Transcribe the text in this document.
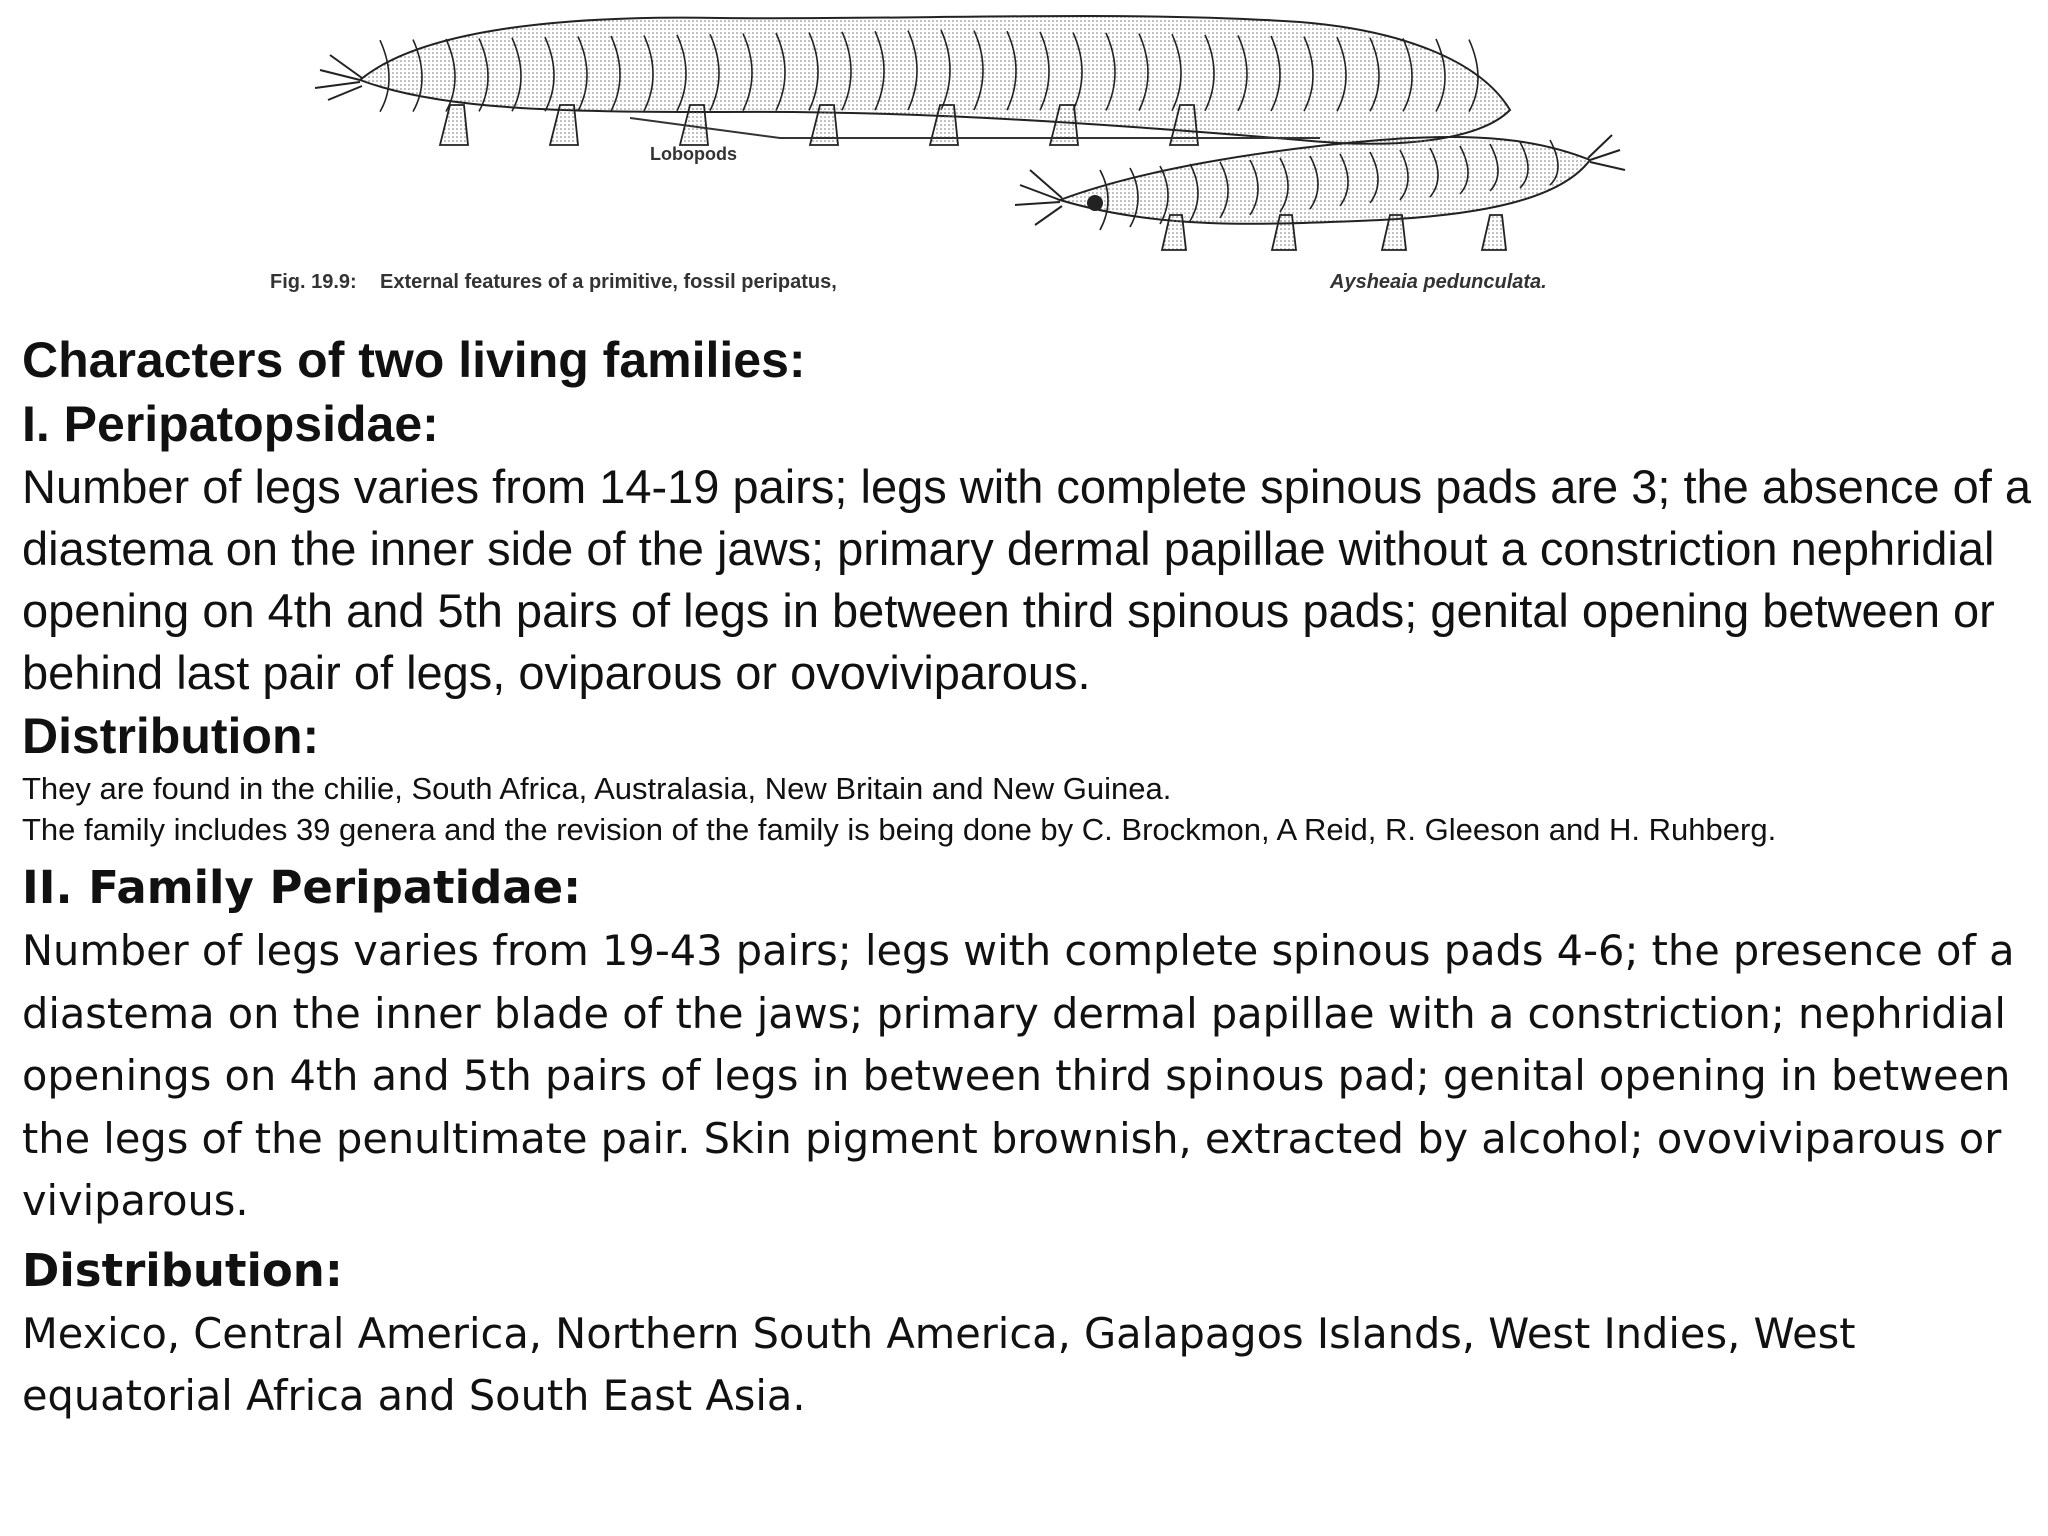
Lobopods
Fig. 19.9: External features of a primitive, fossil peripatus,	Aysheaia pedunculata.
Characters of two living families:
I. Peripatopsidae:

Number of legs varies from 14-19 pairs; legs with complete spinous pads are 3; the absence of a diastema on the inner side of the jaws; primary dermal papillae without a constriction nephridial opening on 4th and 5th pairs of legs in between third spinous pads; genital opening between or behind last pair of legs, oviparous or ovoviviparous.

Distribution:

They are found in the chilie, South Africa, Australasia, New Britain and New Guinea.

The family includes 39 genera and the revision of the family is being done by C. Brockmon, A Reid, R. Gleeson and H. Ruhberg.

II. Family Peripatidae:

Number of legs varies from 19-43 pairs; legs with complete spinous pads 4-6; the presence of a diastema on the inner blade of the jaws; primary dermal papillae with a constriction; nephridial openings on 4th and 5th pairs of legs in between third spinous pad; genital opening in between the legs of the penultimate pair. Skin pigment brownish, extracted by alcohol; ovoviviparous or viviparous.

Distribution:

Mexico, Central America, Northern South America, Galapagos Islands, West Indies, West equatorial Africa and South East Asia.
